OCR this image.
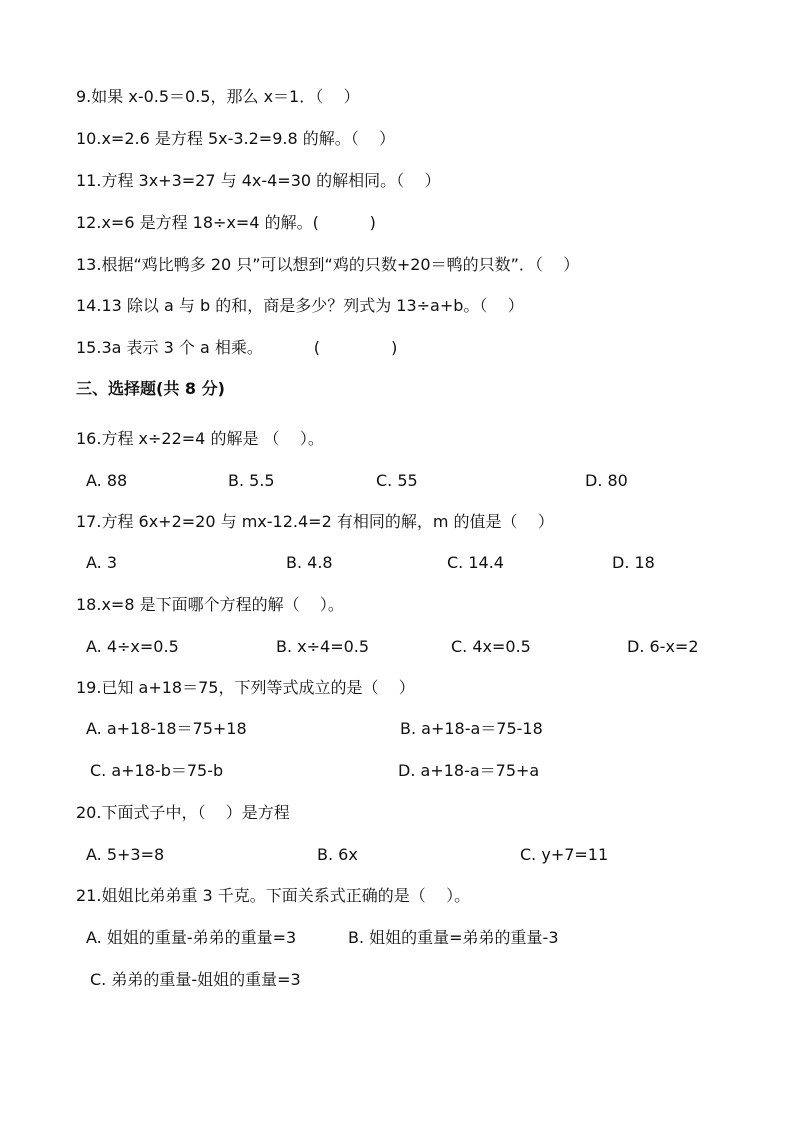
9.如果 x-0.5＝0.5，那么 x＝1．（    ）
10.x=2.6 是方程 5x-3.2=9.8 的解。（    ）
11.方程 3x+3=27 与 4x-4=30 的解相同。（    ）
12.x=6 是方程 18÷x=4 的解。(          )
13.根据“鸡比鸭多 20 只”可以想到“鸡的只数+20＝鸭的只数”．（    ）
14.13 除以 a 与 b 的和，商是多少？列式为 13÷a+b。（    ）
15.3a 表示 3 个 a 相乘。          (              )
三、选择题(共 8 分)
16.方程 x÷22=4 的解是 （    ）。
A. 88	B. 5.5	C. 55	D. 80
17.方程 6x+2=20 与 mx-12.4=2 有相同的解，m 的值是（    ）
A. 3	B. 4.8	C. 14.4	D. 18
18.x=8 是下面哪个方程的解（    ）。
A. 4÷x=0.5	B. x÷4=0.5	C. 4x=0.5	D. 6-x=2
19.已知 a+18＝75，下列等式成立的是（    ）
A. a+18-18＝75+18	B. a+18-a＝75-18
C. a+18-b＝75-b	D. a+18-a＝75+a
20.下面式子中，（    ）是方程
A. 5+3=8	B. 6x	C. y+7=11
21.姐姐比弟弟重 3 千克。下面关系式正确的是（    ）。
A. 姐姐的重量-弟弟的重量=3	B. 姐姐的重量=弟弟的重量-3
C. 弟弟的重量-姐姐的重量=3
